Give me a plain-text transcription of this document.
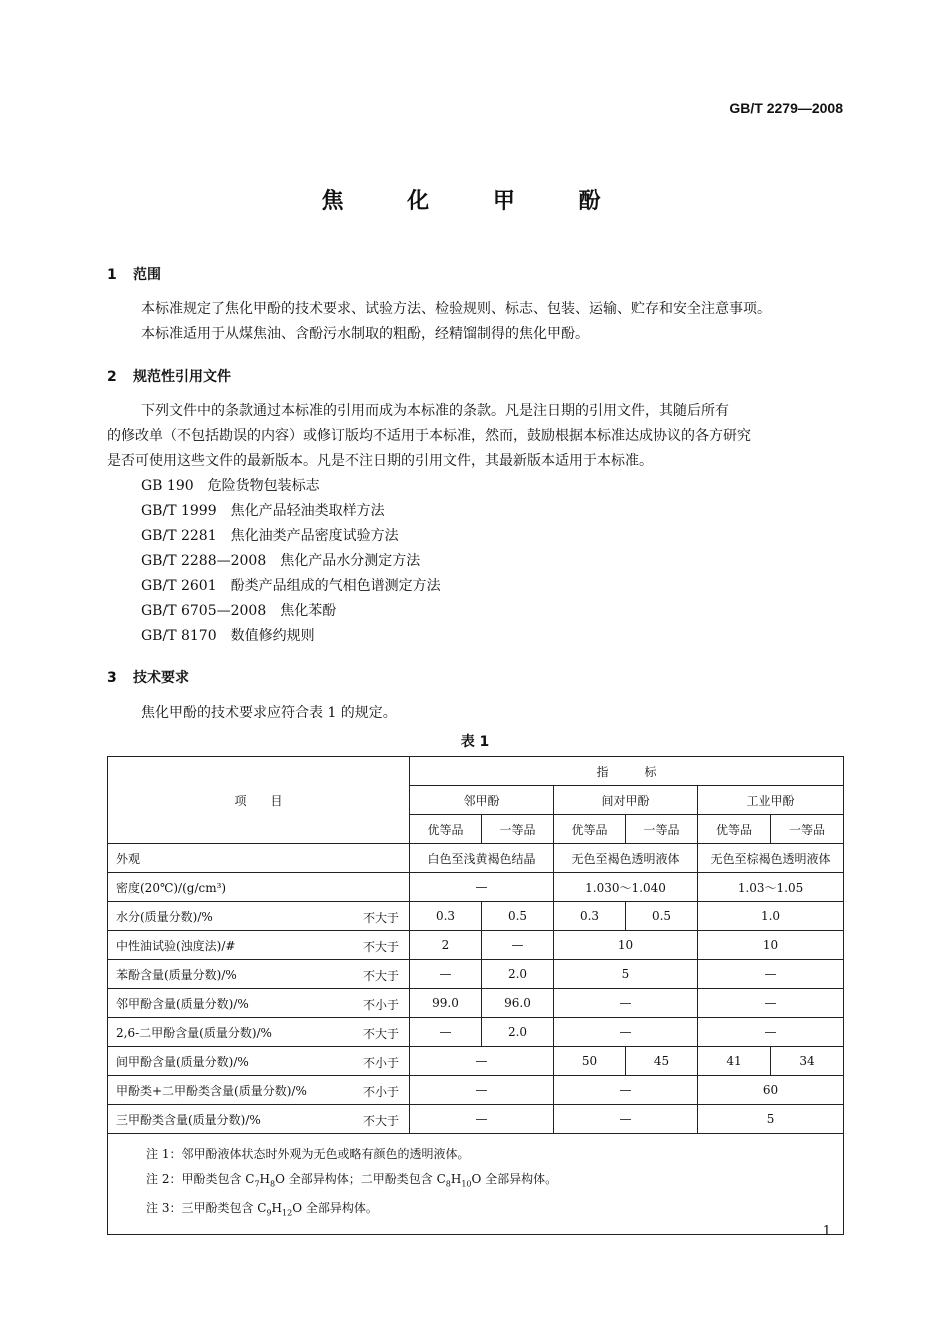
GB/T 2279—2008
焦 化 甲 酚
1 范围
本标准规定了焦化甲酚的技术要求、试验方法、检验规则、标志、包装、运输、贮存和安全注意事项。
本标准适用于从煤焦油、含酚污水制取的粗酚，经精馏制得的焦化甲酚。
2 规范性引用文件
下列文件中的条款通过本标准的引用而成为本标准的条款。凡是注日期的引用文件，其随后所有
的修改单（不包括勘误的内容）或修订版均不适用于本标准，然而，鼓励根据本标准达成协议的各方研究
是否可使用这些文件的最新版本。凡是不注日期的引用文件，其最新版本适用于本标准。
GB 190 危险货物包装标志
GB/T 1999 焦化产品轻油类取样方法
GB/T 2281 焦化油类产品密度试验方法
GB/T 2288—2008 焦化产品水分测定方法
GB/T 2601 酚类产品组成的气相色谱测定方法
GB/T 6705—2008 焦化苯酚
GB/T 8170 数值修约规则
3 技术要求
焦化甲酚的技术要求应符合表 1 的规定。
表 1
项　　目	指　　　标					
	邻甲酚		间对甲酚		工业甲酚	
	优等品	一等品	优等品	一等品	优等品	一等品
外观	白色至浅黄褐色结晶		无色至褐色透明液体		无色至棕褐色透明液体	
密度(20℃)/(g/cm³)	—		1.030～1.040		1.03～1.05	
水分(质量分数)/% 不大于	0.3	0.5	0.3	0.5	1.0	
中性油试验(浊度法)/# 不大于	2	—	10		10	
苯酚含量(质量分数)/% 不大于	—	2.0	5		—	
邻甲酚含量(质量分数)/% 不小于	99.0	96.0	—		—	
2,6-二甲酚含量(质量分数)/% 不大于	—	2.0	—		—	
间甲酚含量(质量分数)/% 不小于	—		50	45	41	34
甲酚类+二甲酚类含量(质量分数)/% 不小于	—		—		60	
三甲酚类含量(质量分数)/% 不大于	—		—		5	

注 1：邻甲酚液体状态时外观为无色或略有颜色的透明液体。
注 2：甲酚类包含 $C_7H_8O$ 全部异构体；二甲酚类包含 $C_8H_{10}O$ 全部异构体。
注 3：三甲酚类包含 $C_9H_{12}O$ 全部异构体。						
1
